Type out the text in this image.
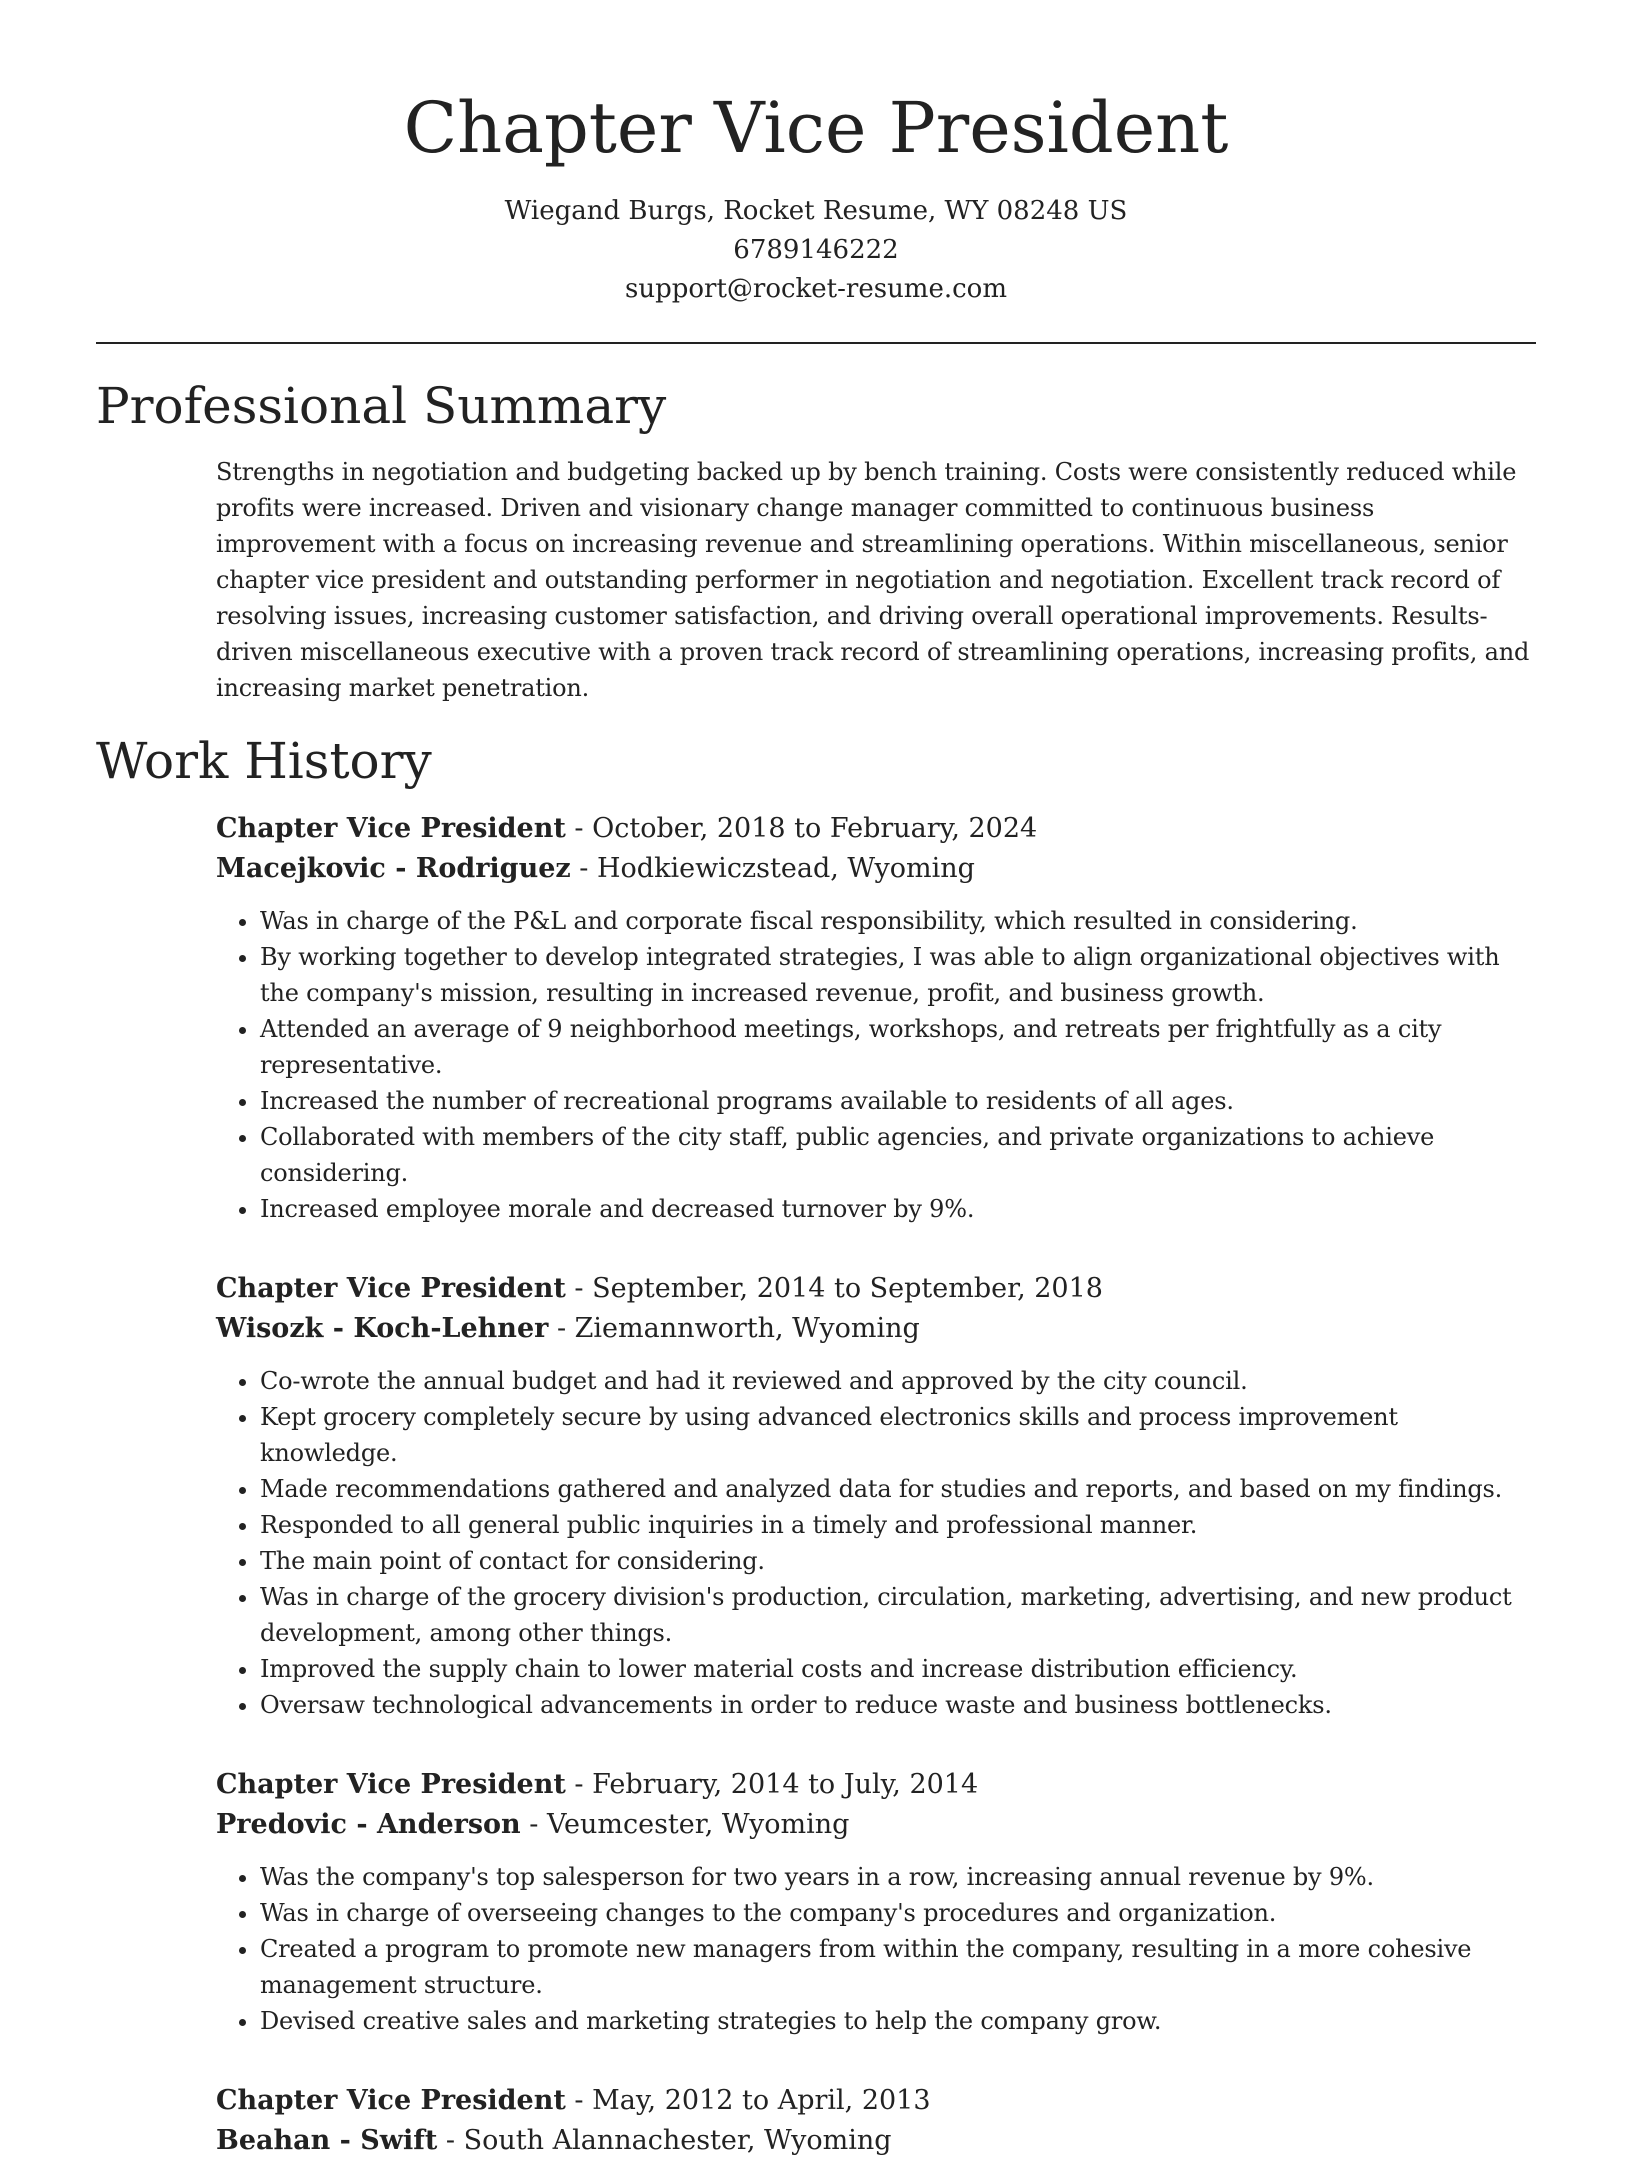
Chapter Vice President
Wiegand Burgs, Rocket Resume, WY 08248 US
6789146222
support@rocket-resume.com
Professional Summary

Strengths in negotiation and budgeting backed up by bench training. Costs were consistently reduced while profits were increased. Driven and visionary change manager committed to continuous business improvement with a focus on increasing revenue and streamlining operations. Within miscellaneous, senior chapter vice president and outstanding performer in negotiation and negotiation. Excellent track record of resolving issues, increasing customer satisfaction, and driving overall operational improvements. Results-driven miscellaneous executive with a proven track record of streamlining operations, increasing profits, and increasing market penetration.

Work History

Chapter Vice President - October, 2018 to February, 2024

Macejkovic - Rodriguez - Hodkiewiczstead, Wyoming

• Was in charge of the P&L and corporate fiscal responsibility, which resulted in considering.
• By working together to develop integrated strategies, I was able to align organizational objectives with the company's mission, resulting in increased revenue, profit, and business growth.
• Attended an average of 9 neighborhood meetings, workshops, and retreats per frightfully as a city representative.
• Increased the number of recreational programs available to residents of all ages.
• Collaborated with members of the city staff, public agencies, and private organizations to achieve considering.
• Increased employee morale and decreased turnover by 9%.

Chapter Vice President - September, 2014 to September, 2018

Wisozk - Koch-Lehner - Ziemannworth, Wyoming

• Co-wrote the annual budget and had it reviewed and approved by the city council.
• Kept grocery completely secure by using advanced electronics skills and process improvement knowledge.
• Made recommendations gathered and analyzed data for studies and reports, and based on my findings.
• Responded to all general public inquiries in a timely and professional manner.
• The main point of contact for considering.
• Was in charge of the grocery division's production, circulation, marketing, advertising, and new product development, among other things.
• Improved the supply chain to lower material costs and increase distribution efficiency.
• Oversaw technological advancements in order to reduce waste and business bottlenecks.

Chapter Vice President - February, 2014 to July, 2014

Predovic - Anderson - Veumcester, Wyoming

• Was the company's top salesperson for two years in a row, increasing annual revenue by 9%.
• Was in charge of overseeing changes to the company's procedures and organization.
• Created a program to promote new managers from within the company, resulting in a more cohesive management structure.
• Devised creative sales and marketing strategies to help the company grow.

Chapter Vice President - May, 2012 to April, 2013

Beahan - Swift - South Alannachester, Wyoming
